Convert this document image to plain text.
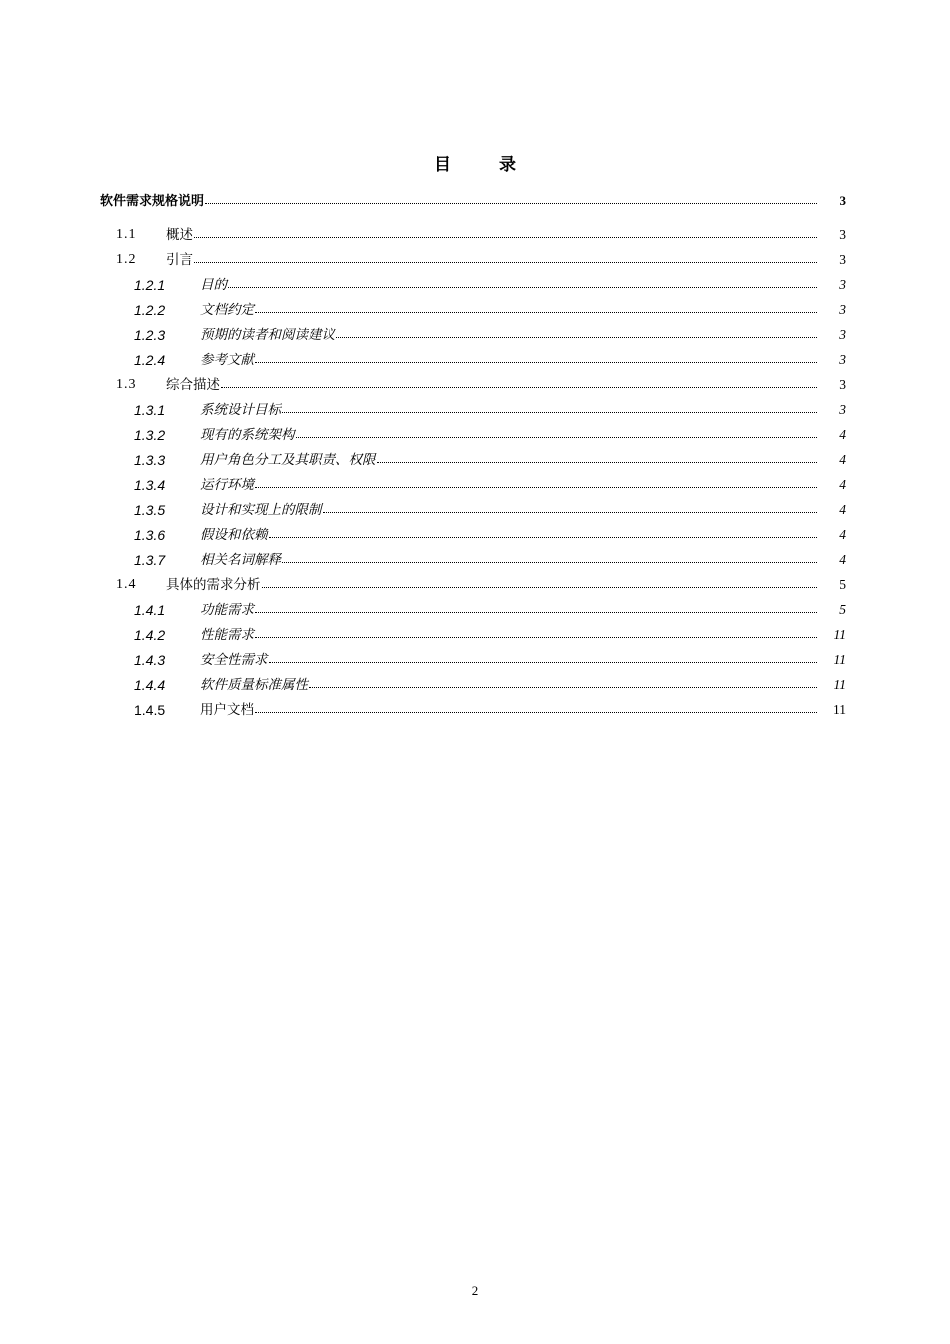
目录
软件需求规格说明	3
1.1	概述	3
1.2	引言	3
1.2.1	目的	3
1.2.2	文档约定	3
1.2.3	预期的读者和阅读建议	3
1.2.4	参考文献	3
1.3	综合描述	3
1.3.1	系统设计目标	3
1.3.2	现有的系统架构	4
1.3.3	用户角色分工及其职责、权限	4
1.3.4	运行环境	4
1.3.5	设计和实现上的限制	4
1.3.6	假设和依赖	4
1.3.7	相关名词解释	4
1.4	具体的需求分析	5
1.4.1	功能需求	5
1.4.2	性能需求	11
1.4.3	安全性需求	11
1.4.4	软件质量标准属性	11
1.4.5	用户文档	11
2
